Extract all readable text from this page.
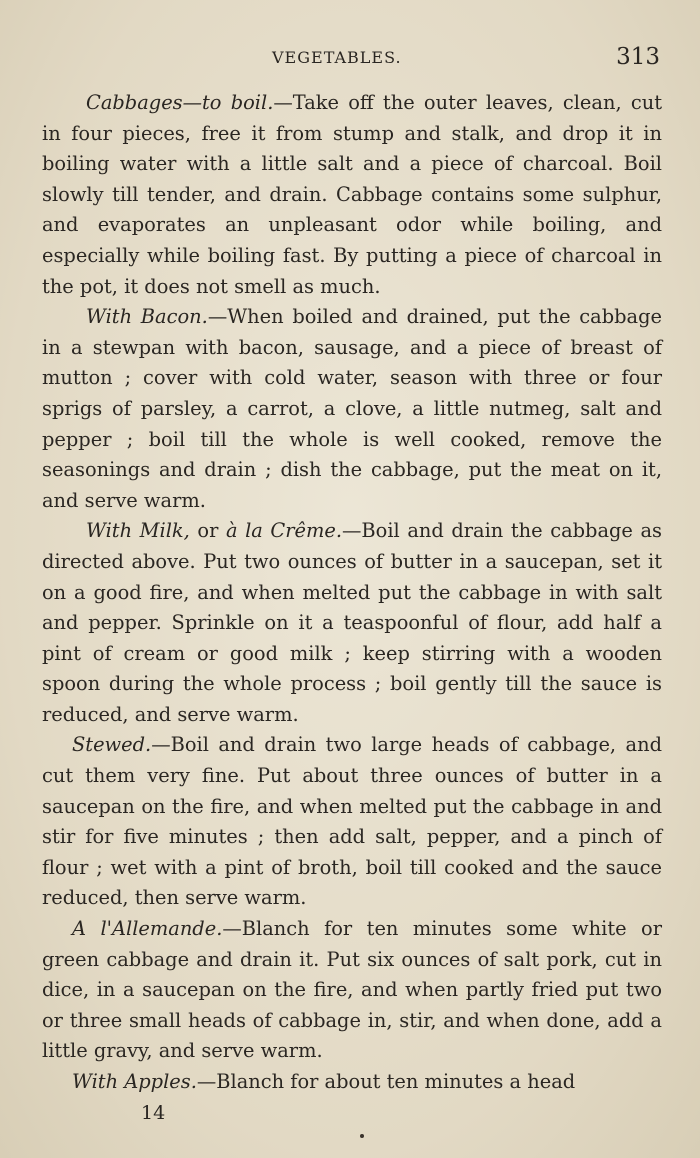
VEGETABLES.	313

Cabbages—to boil.—Take off the outer leaves, clean, cut in four pieces, free it from stump and stalk, and drop it in boiling water with a little salt and a piece of charcoal. Boil slowly till tender, and drain. Cabbage contains some sulphur, and evaporates an unpleasant odor while boiling, and especially while boiling fast. By putting a piece of charcoal in the pot, it does not smell as much.

With Bacon.—When boiled and drained, put the cabbage in a stewpan with bacon, sausage, and a piece of breast of mutton ; cover with cold water, season with three or four sprigs of parsley, a carrot, a clove, a little nutmeg, salt and pepper ; boil till the whole is well cooked, remove the seasonings and drain ; dish the cabbage, put the meat on it, and serve warm.

With Milk, or à la Crême.—Boil and drain the cabbage as directed above. Put two ounces of butter in a saucepan, set it on a good fire, and when melted put the cabbage in with salt and pepper. Sprinkle on it a teaspoonful of flour, add half a pint of cream or good milk ; keep stirring with a wooden spoon during the whole process ; boil gently till the sauce is reduced, and serve warm.

Stewed.—Boil and drain two large heads of cabbage, and cut them very fine. Put about three ounces of butter in a saucepan on the fire, and when melted put the cabbage in and stir for five minutes ; then add salt, pepper, and a pinch of flour ; wet with a pint of broth, boil till cooked and the sauce reduced, then serve warm.

A l'Allemande.—Blanch for ten minutes some white or green cabbage and drain it. Put six ounces of salt pork, cut in dice, in a saucepan on the fire, and when partly fried put two or three small heads of cabbage in, stir, and when done, add a little gravy, and serve warm.

With Apples.—Blanch for about ten minutes a head

14
